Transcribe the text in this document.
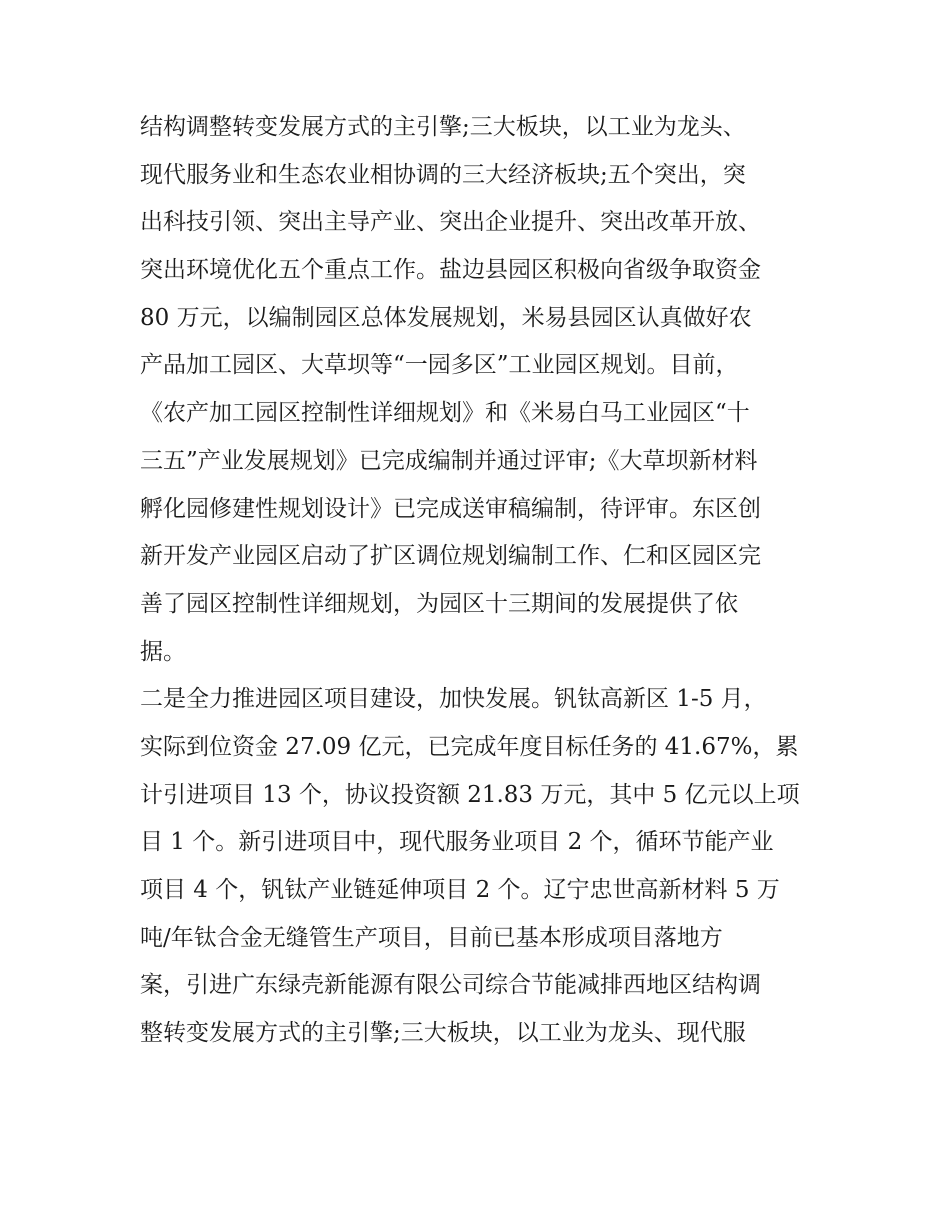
结构调整转变发展方式的主引擎;三大板块，以工业为龙头、
现代服务业和生态农业相协调的三大经济板块;五个突出，突
出科技引领、突出主导产业、突出企业提升、突出改革开放、
突出环境优化五个重点工作。盐边县园区积极向省级争取资金
80 万元，以编制园区总体发展规划，米易县园区认真做好农
产品加工园区、大草坝等“一园多区”工业园区规划。目前，
《农产加工园区控制性详细规划》和《米易白马工业园区“十
三五”产业发展规划》已完成编制并通过评审;《大草坝新材料
孵化园修建性规划设计》已完成送审稿编制，待评审。东区创
新开发产业园区启动了扩区调位规划编制工作、仁和区园区完
善了园区控制性详细规划，为园区十三期间的发展提供了依
据。
二是全力推进园区项目建设，加快发展。钒钛高新区 1-5 月，
实际到位资金 27.09 亿元，已完成年度目标任务的 41.67%，累
计引进项目 13 个，协议投资额 21.83 万元，其中 5 亿元以上项
目 1 个。新引进项目中，现代服务业项目 2 个，循环节能产业
项目 4 个，钒钛产业链延伸项目 2 个。辽宁忠世高新材料 5 万
吨/年钛合金无缝管生产项目，目前已基本形成项目落地方
案，引进广东绿壳新能源有限公司综合节能减排西地区结构调
整转变发展方式的主引擎;三大板块，以工业为龙头、现代服
